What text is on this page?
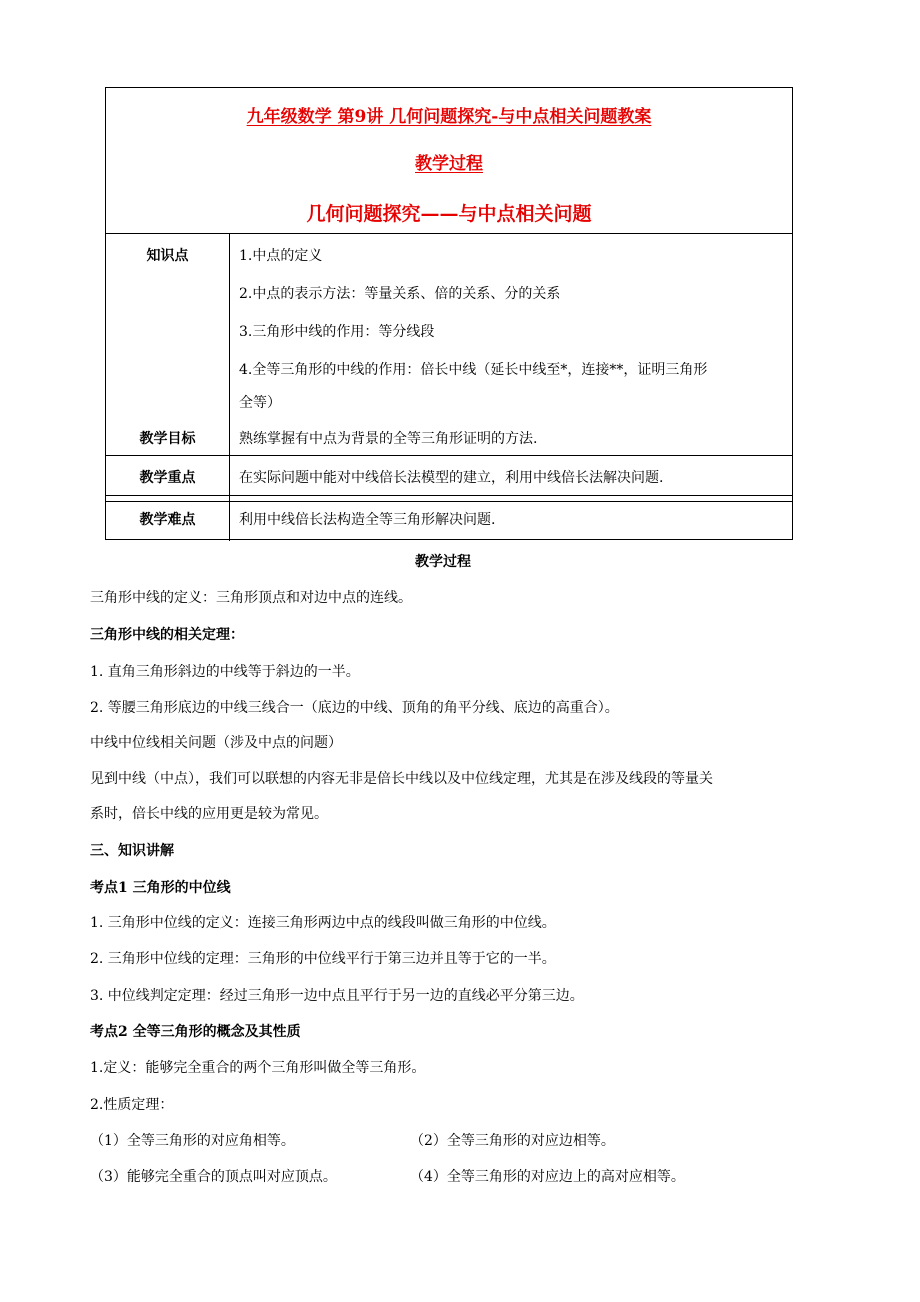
九年级数学 第9讲 几何问题探究-与中点相关问题教案
教学过程
几何问题探究——与中点相关问题
知识点	1.中点的定义
2.中点的表示方法：等量关系、倍的关系、分的关系
3.三角形中线的作用：等分线段
4.全等三角形的中线的作用：倍长中线（延长中线至*，连接**，证明三角形
全等）
教学目标	熟练掌握有中点为背景的全等三角形证明的方法.
教学重点	在实际问题中能对中线倍长法模型的建立，利用中线倍长法解决问题.
教学难点	利用中线倍长法构造全等三角形解决问题.
教学过程
三角形中线的定义：三角形顶点和对边中点的连线。
三角形中线的相关定理：
1. 直角三角形斜边的中线等于斜边的一半。
2. 等腰三角形底边的中线三线合一（底边的中线、顶角的角平分线、底边的高重合）。
中线中位线相关问题（涉及中点的问题）
见到中线（中点），我们可以联想的内容无非是倍长中线以及中位线定理，尤其是在涉及线段的等量关
系时，倍长中线的应用更是较为常见。
三、知识讲解
考点1 三角形的中位线
1. 三角形中位线的定义：连接三角形两边中点的线段叫做三角形的中位线。
2. 三角形中位线的定理：三角形的中位线平行于第三边并且等于它的一半。
3. 中位线判定定理：经过三角形一边中点且平行于另一边的直线必平分第三边。
考点2 全等三角形的概念及其性质
1.定义：能够完全重合的两个三角形叫做全等三角形。
2.性质定理：
（1）全等三角形的对应角相等。	（2）全等三角形的对应边相等。
（3）能够完全重合的顶点叫对应顶点。	（4）全等三角形的对应边上的高对应相等。
